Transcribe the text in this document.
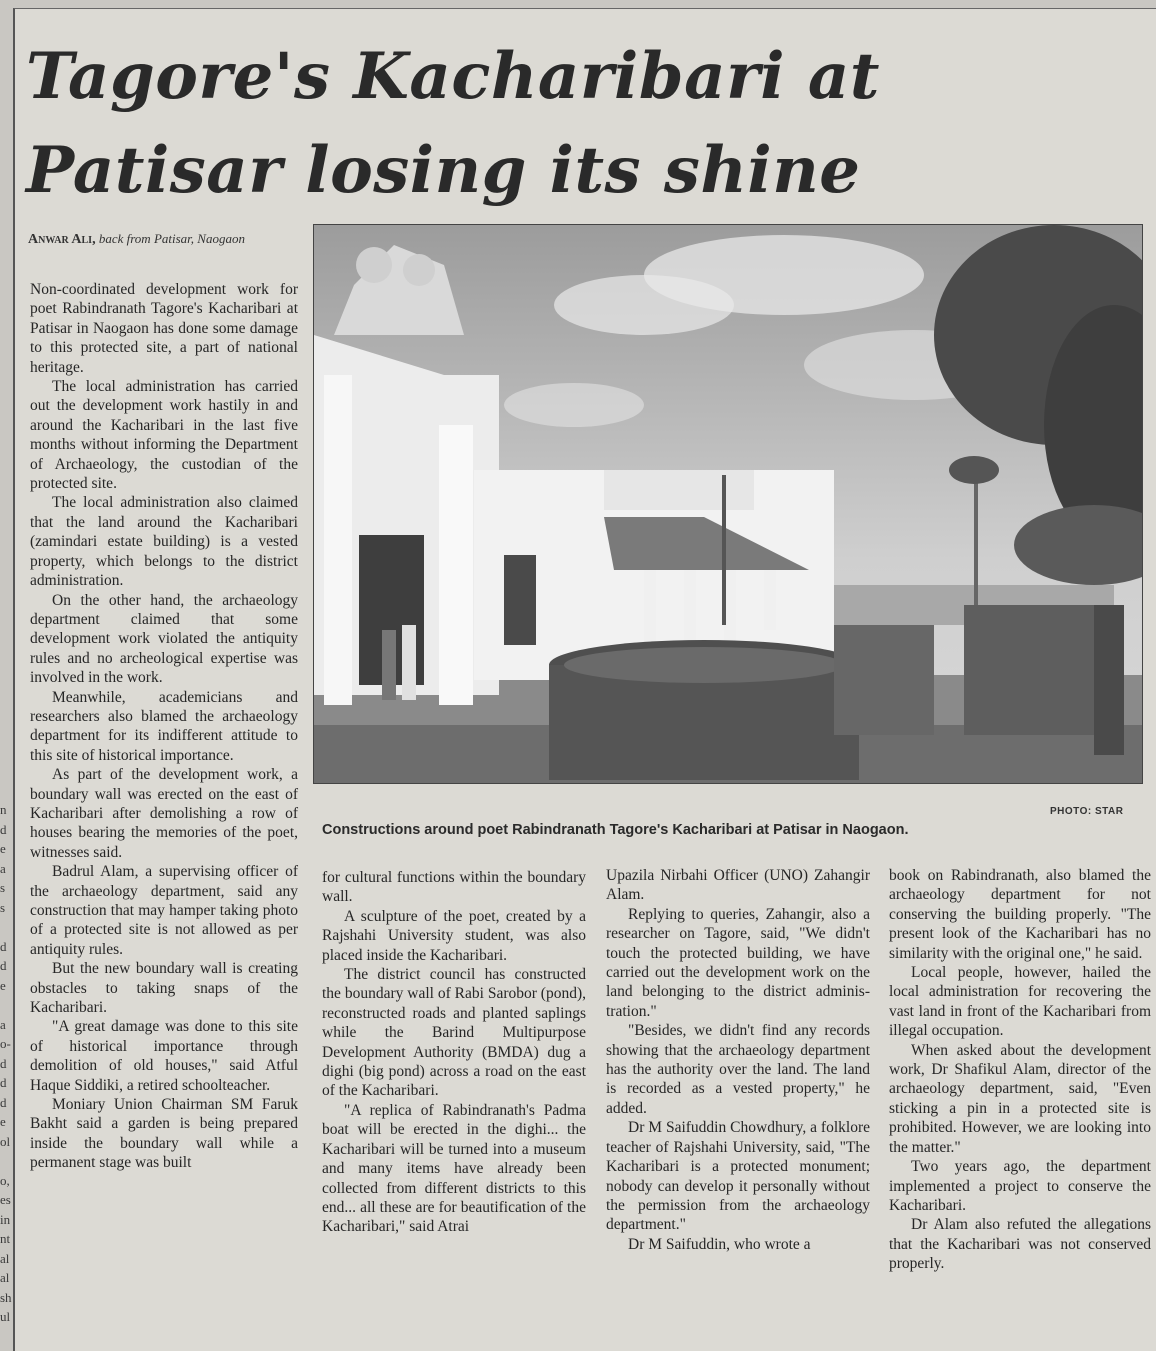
n
d
e
a
s
s
d
d
e
a
o-
d
d
d
e
ol
o,
es
in
nt
al
al
sh
ul
Tagore's Kacharibari at Patisar losing its shine
Anwar Ali, back from Patisar, Naogaon
PHOTO: STAR
Constructions around poet Rabindranath Tagore's Kacharibari at Patisar in Naogaon.

Non-coordinated development work for poet Rabindranath Tagore's Kacharibari at Patisar in Naogaon has done some damage to this protected site, a part of national heritage.

The local administration has carried out the development work hastily in and around the Kacharibari in the last five months without informing the Department of Archaeology, the custodian of the protected site.

The local administration also claimed that the land around the Kacharibari (zamindari estate building) is a vested property, which belongs to the district administration.

On the other hand, the archaeology department claimed that some development work violated the antiquity rules and no archeological expertise was involved in the work.

Meanwhile, academicians and researchers also blamed the archaeology department for its indifferent attitude to this site of historical importance.

As part of the development work, a boundary wall was erected on the east of Kacharibari after demolishing a row of houses bearing the memories of the poet, witnesses said.

Badrul Alam, a supervising officer of the archaeology department, said any construction that may hamper taking photo of a protected site is not allowed as per antiquity rules.

But the new boundary wall is creating obstacles to taking snaps of the Kacharibari.

"A great damage was done to this site of historical importance through demolition of old houses," said Atful Haque Siddiki, a retired schoolteacher.

Moniary Union Chairman SM Faruk Bakht said a garden is being prepared inside the boundary wall while a permanent stage was built

for cultural functions within the boundary wall.

A sculpture of the poet, created by a Rajshahi University student, was also placed inside the Kacharibari.

The district council has constructed the boundary wall of Rabi Sarobor (pond), reconstructed roads and planted saplings while the Barind Multipurpose Development Authority (BMDA) dug a dighi (big pond) across a road on the east of the Kacharibari.

"A replica of Rabindranath's Padma boat will be erected in the dighi... the Kacharibari will be turned into a museum and many items have already been collected from different districts to this end... all these are for beautification of the Kacharibari," said Atrai

Upazila Nirbahi Officer (UNO) Zahangir Alam.

Replying to queries, Zahangir, also a researcher on Tagore, said, "We didn't touch the protected building, we have carried out the development work on the land belonging to the district administration."

"Besides, we didn't find any records showing that the archaeology department has the authority over the land. The land is recorded as a vested property," he added.

Dr M Saifuddin Chowdhury, a folklore teacher of Rajshahi University, said, "The Kacharibari is a protected monument; nobody can develop it personally without the permission from the archaeology department."

Dr M Saifuddin, who wrote a

book on Rabindranath, also blamed the archaeology department for not conserving the building properly. "The present look of the Kacharibari has no similarity with the original one," he said.

Local people, however, hailed the local administration for recovering the vast land in front of the Kacharibari from illegal occupation.

When asked about the development work, Dr Shafikul Alam, director of the archaeology department, said, "Even sticking a pin in a protected site is prohibited. However, we are looking into the matter."

Two years ago, the department implemented a project to conserve the Kacharibari.

Dr Alam also refuted the allegations that the Kacharibari was not conserved properly.
